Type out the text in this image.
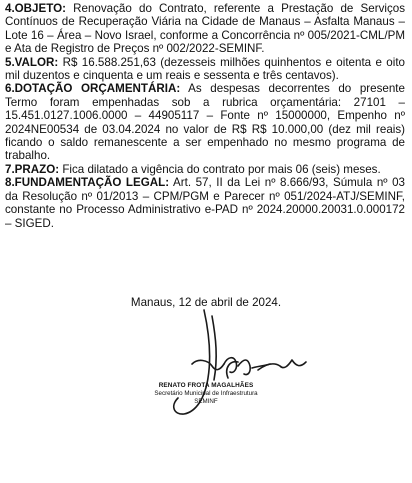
4.OBJETO: Renovação do Contrato, referente a Prestação de Serviços Contínuos de Recuperação Viária na Cidade de Manaus – Asfalta Manaus – Lote 16 – Área – Novo Israel, conforme a Concorrência nº 005/2021-CML/PM e Ata de Registro de Preços nº 002/2022-SEMINF.

5.VALOR: R$ 16.588.251,63 (dezesseis milhões quinhentos e oitenta e oito mil duzentos e cinquenta e um reais e sessenta e três centavos).

6.DOTAÇÃO ORÇAMENTÁRIA: As despesas decorrentes do presente Termo foram empenhadas sob a rubrica orçamentária: 27101 – 15.451.0127.1006.0000 – 44905117 – Fonte nº 15000000, Empenho nº 2024NE00534 de 03.04.2024 no valor de R$ R$ 10.000,00 (dez mil reais) ficando o saldo remanescente a ser empenhado no mesmo programa de trabalho.

7.PRAZO: Fica dilatado a vigência do contrato por mais 06 (seis) meses.

8.FUNDAMENTAÇÃO LEGAL: Art. 57, II da Lei nº 8.666/93, Súmula nº 03 da Resolução nº 01/2013 – CPM/PGM e Parecer nº 051/2024-ATJ/SEMINF, constante no Processo Administrativo e-PAD nº 2024.20000.20031.0.000172 – SIGED.

Manaus, 12 de abril de 2024.
RENATO FROTA MAGALHÃES
Secretário Municipal de Infraestrutura
SEMINF
